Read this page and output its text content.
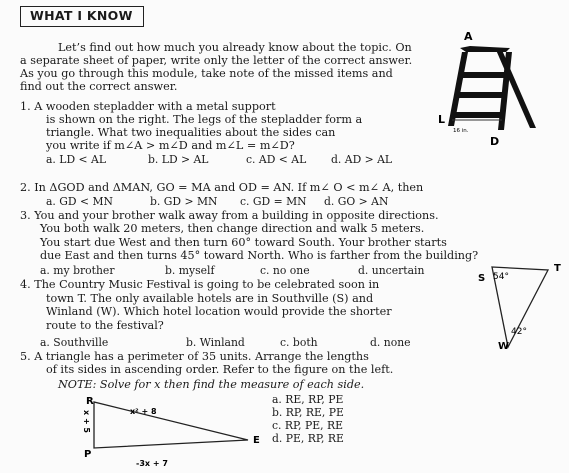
WHAT I KNOW
Let’s find out how much you already know about the topic. On
a separate sheet of paper, write only the letter of the correct answer.
As you go through this module, take note of the missed items and
find out the correct answer.
1. A wooden stepladder with a metal support
is shown on the right. The legs of the stepladder form a
triangle. What two inequalities about the sides can
you write if m∠A > m∠D and m∠L = m∠D?
a. LD < AL	b. LD > AL	c. AD < AL d. AD > AL
2. In ΔGOD and ΔMAN, GO = MA and OD = AN. If m∠ O < m∠ A, then
a. GD < MN	b. GD > MN c. GD = MN d. GO > AN
3. You and your brother walk away from a building in opposite directions.
You both walk 20 meters, then change direction and walk 5 meters.
You start due West and then turn 60° toward South. Your brother starts
due East and then turns 45° toward North. Who is farther from the building?
a. my brother	b. myself	c. no one	d. uncertain
4. The Country Music Festival is going to be celebrated soon in
town T. The only available hotels are in Southville (S) and
Winland (W). Which hotel location would provide the shorter
route to the festival?
a. Southville	b. Winland	c. both	d. none
5. A triangle has a perimeter of 35 units. Arrange the lengths
of its sides in ascending order. Refer to the figure on the left.
NOTE: Solve for x then find the measure of each side.
a. RE, RP, PE
b. RP, RE, PE
c. RP, PE, RE
d. PE, RP, RE
A
L
D
16 in.
S
T
W
54°
42°
R
P
E
x + 5	x² + 8
-3x + 7
